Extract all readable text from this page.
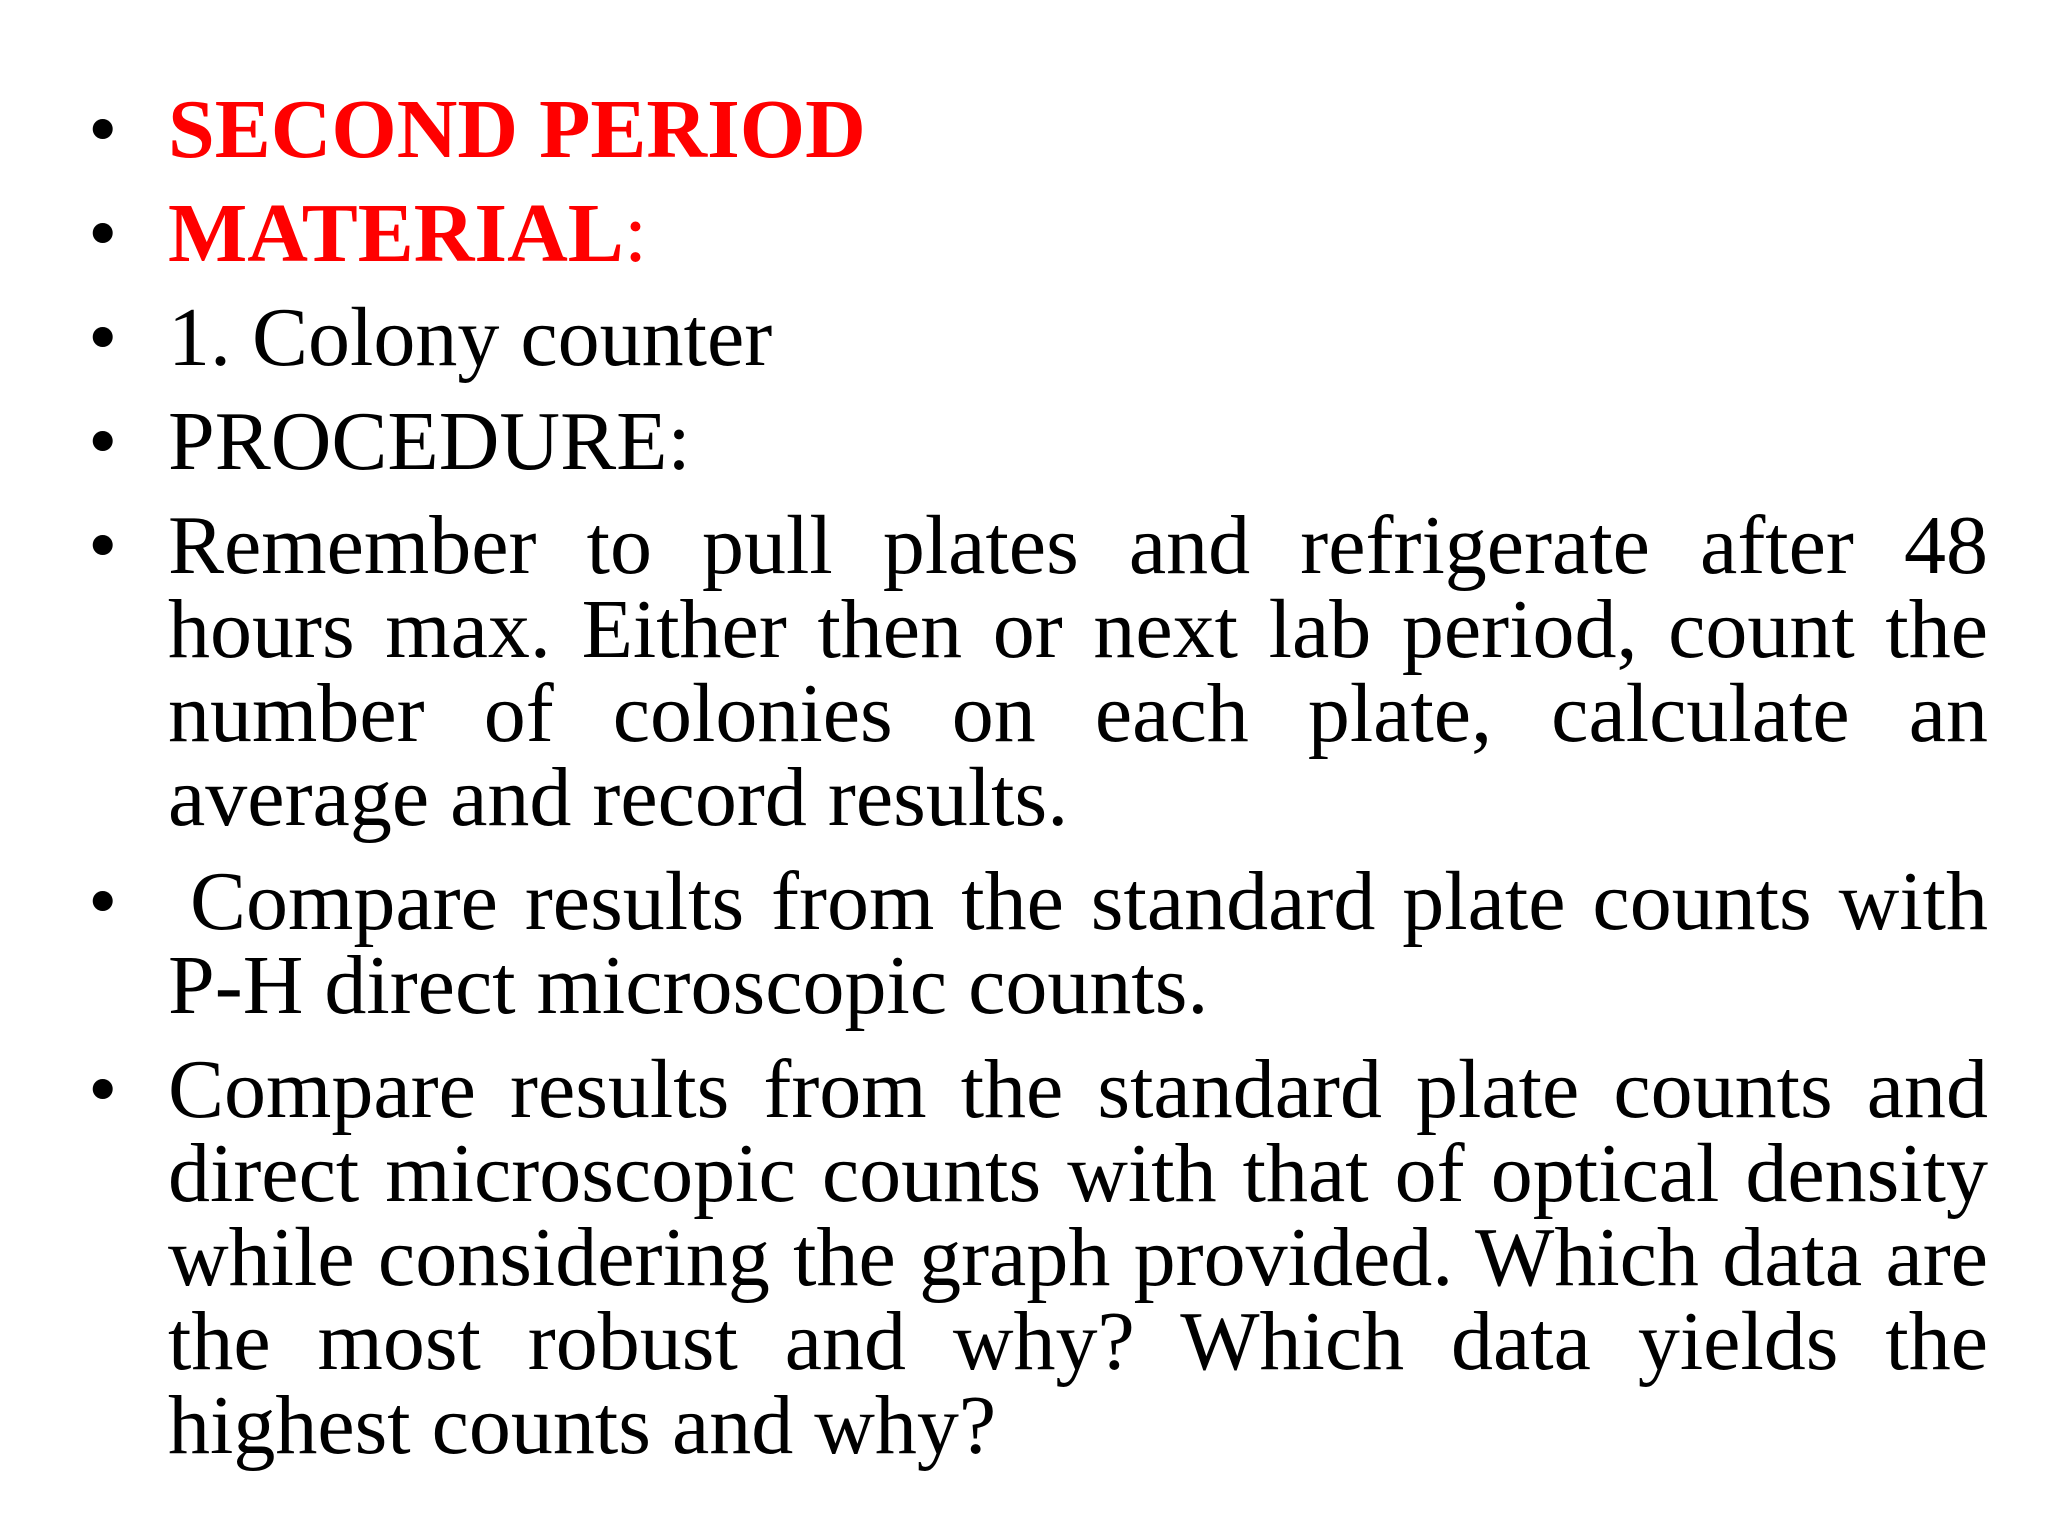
• SECOND PERIOD
• MATERIAL:
• 1. Colony counter
• PROCEDURE:
• Remember to pull plates and refrigerate after 48 hours max. Either then or next lab period, count the number of colonies on each plate, calculate an average and record results.
• Compare results from the standard plate counts with P-H direct microscopic counts.
• Compare results from the standard plate counts and direct microscopic counts with that of optical density while considering the graph provided. Which data are the most robust and why? Which data yields the highest counts and why?
